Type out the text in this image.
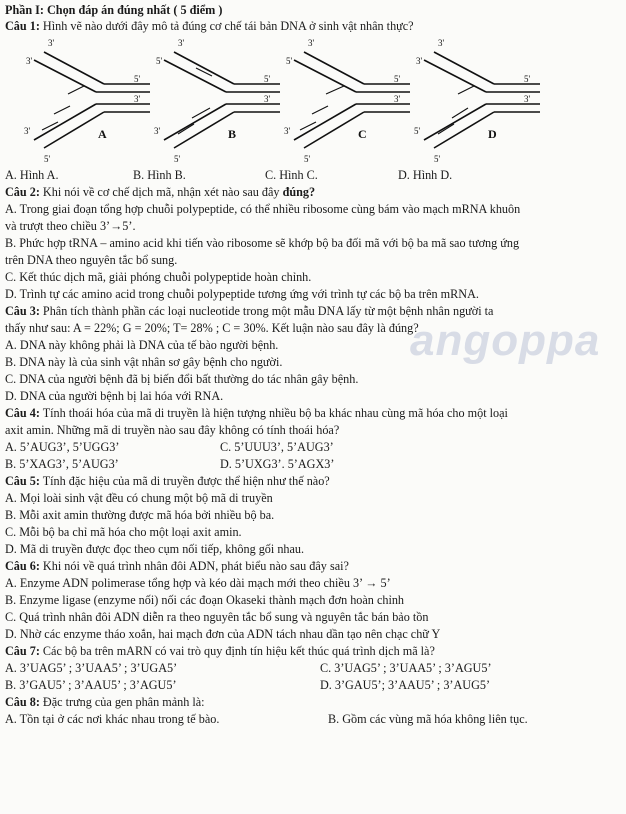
Phần I: Chọn đáp án đúng nhất ( 5 điểm )
Câu 1: Hình vẽ nào dưới đây mô tả đúng cơ chế tái bản DNA ở sinh vật nhân thực?
3'
3'
5'
3'
5'
3'	A
3'
5'
5'
3'
5'
3'	B
3'
5'
5'
3'
5'
3'	C
3'
3'
5'
3'
5'
5'	D
A. Hình A.	B. Hình B.	C. Hình C.	D. Hình D.
Câu 2: Khi nói về cơ chế dịch mã, nhận xét nào sau đây đúng?
A. Trong giai đoạn tổng hợp chuỗi polypeptide, có thể nhiều ribosome cùng bám vào mạch mRNA khuôn
và trượt theo chiều 3’→5’.
B. Phức hợp tRNA – amino acid khi tiến vào ribosome sẽ khớp bộ ba đối mã với bộ ba mã sao tương ứng
trên DNA theo nguyên tắc bổ sung.
C. Kết thúc dịch mã, giải phóng chuỗi polypeptide hoàn chỉnh.
D. Trình tự các amino acid trong chuỗi polypeptide tương ứng với trình tự các bộ ba trên mRNA.
angoppa
Câu 3: Phân tích thành phần các loại nucleotide trong một mẫu DNA lấy từ một bệnh nhân người ta
thấy như sau: A = 22%; G = 20%; T= 28% ; C = 30%. Kết luận nào sau đây là đúng?
A. DNA này không phải là DNA của tế bào người bệnh.
B. DNA này là của sinh vật nhân sơ gây bệnh cho người.
C. DNA của người bệnh đã bị biến đổi bất thường do tác nhân gây bệnh.
D. DNA của người bệnh bị lai hóa với RNA.
Câu 4: Tính thoái hóa của mã di truyền là hiện tượng nhiều bộ ba khác nhau cùng mã hóa cho một loại
axit amin. Những mã di truyền nào sau đây không có tính thoái hóa?
A. 5’AUG3’, 5’UGG3’	C. 5’UUU3’, 5’AUG3’
B. 5’XAG3’, 5’AUG3’	D. 5’UXG3’. 5’AGX3’
Câu 5: Tính đặc hiệu của mã di truyền được thể hiện như thế nào?
A. Mọi loài sinh vật đều có chung một bộ mã di truyền
B. Mỗi axit amin thường được mã hóa bởi nhiều bộ ba.
C. Mỗi bộ ba chỉ mã hóa cho một loại axit amin.
D. Mã di truyền được đọc theo cụm nối tiếp, không gối nhau.
Câu 6: Khi nói về quá trình nhân đôi ADN, phát biểu nào sau đây sai?
A. Enzyme ADN polimerase tổng hợp và kéo dài mạch mới theo chiều 3’ → 5’
B. Enzyme ligase (enzyme nối) nối các đoạn Okaseki thành mạch đơn hoàn chỉnh
C. Quá trình nhân đôi ADN diễn ra theo nguyên tắc bổ sung và nguyên tắc bán bảo tồn
D. Nhờ các enzyme tháo xoắn, hai mạch đơn của ADN tách nhau dần tạo nên chạc chữ Y
Câu 7: Các bộ ba trên mARN có vai trò quy định tín hiệu kết thúc quá trình dịch mã là?
A. 3’UAG5’ ; 3’UAA5’ ; 3’UGA5’	C. 3’UAG5’ ; 3’UAA5’ ; 3’AGU5’
B. 3’GAU5’ ; 3’AAU5’ ; 3’AGU5’	D. 3’GAU5’; 3’AAU5’ ; 3’AUG5’
Câu 8: Đặc trưng của gen phân mảnh là:
A. Tồn tại ở các nơi khác nhau trong tế bào.	B. Gồm các vùng mã hóa không liên tục.
